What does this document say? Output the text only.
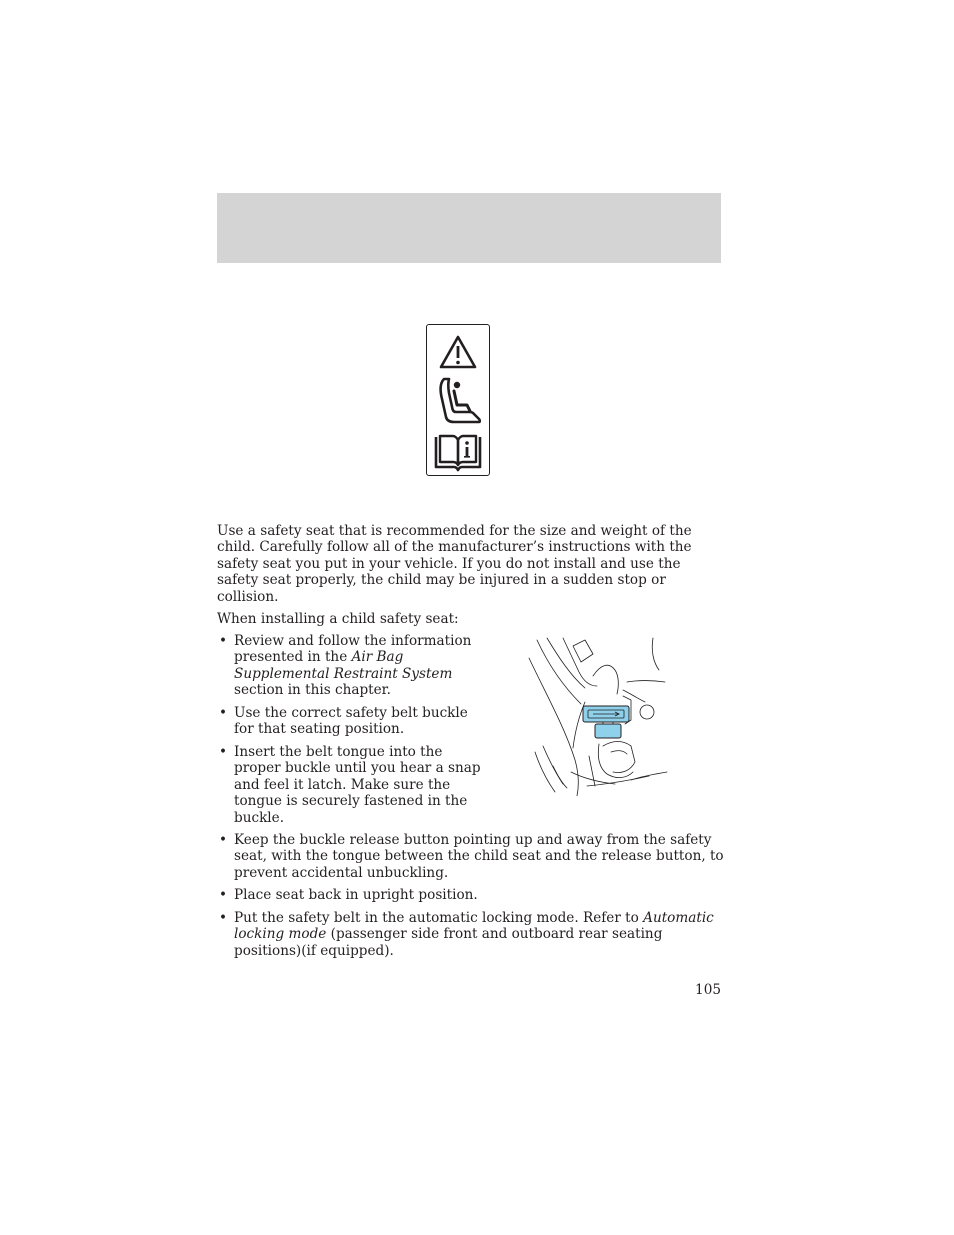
Use a safety seat that is recommended for the size and weight of the child. Carefully follow all of the manufacturer’s instructions with the safety seat you put in your vehicle. If you do not install and use the safety seat properly, the child may be injured in a sudden stop or collision.

When installing a child safety seat:

• Review and follow the information presented in the Air Bag Supplemental Restraint System section in this chapter.
• Use the correct safety belt buckle for that seating position.
• Insert the belt tongue into the proper buckle until you hear a snap and feel it latch. Make sure the tongue is securely fastened in the buckle.
• Keep the buckle release button pointing up and away from the safety seat, with the tongue between the child seat and the release button, to prevent accidental unbuckling.
• Place seat back in upright position.
• Put the safety belt in the automatic locking mode. Refer to Automatic locking mode (passenger side front and outboard rear seating positions)(if equipped).
105
